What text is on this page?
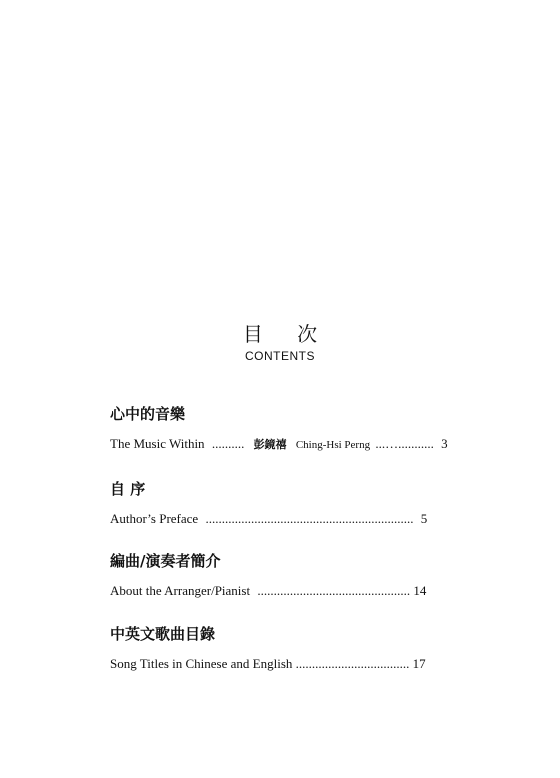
目 次
CONTENTS
心中的音樂
The Music Within .......... 彭鏡禧 Ching-Hsi Perng ...…........... 3
自 序
Author’s Preface ................................................................ 5
編曲/演奏者簡介
About the Arranger/Pianist ............................................... 14
中英文歌曲目錄
Song Titles in Chinese and English ................................... 17
